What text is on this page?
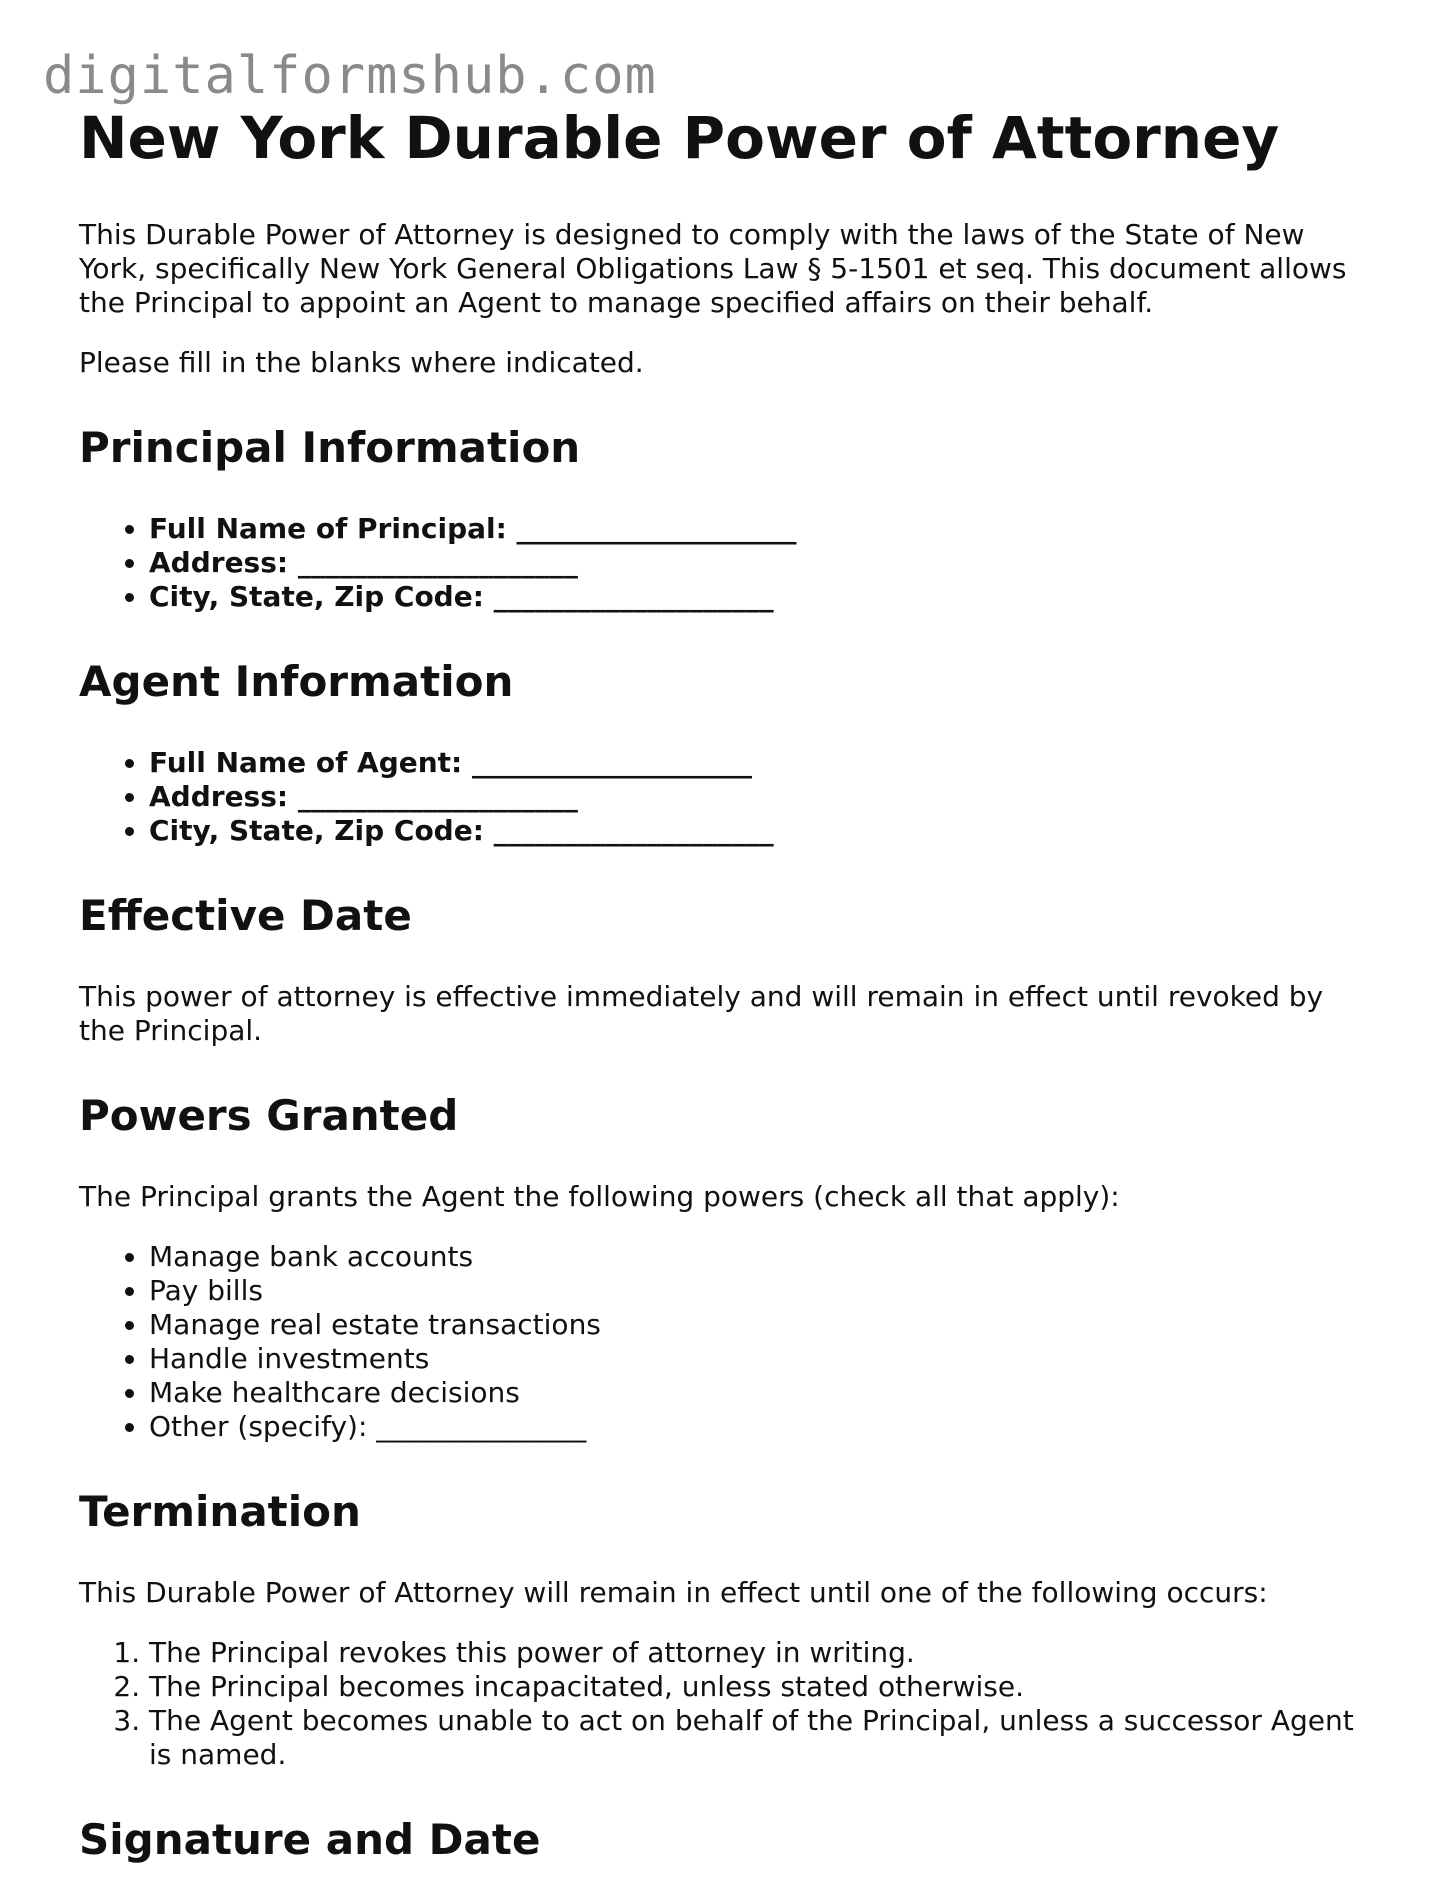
digitalformshub.com
New York Durable Power of Attorney

This Durable Power of Attorney is designed to comply with the laws of the State of New York, specifically New York General Obligations Law § 5-1501 et seq. This document allows the Principal to appoint an Agent to manage specified affairs on their behalf.

Please fill in the blanks where indicated.

Principal Information
• Full Name of Principal: ____________________
• Address: ____________________
• City, State, Zip Code: ____________________
Agent Information
• Full Name of Agent: ____________________
• Address: ____________________
• City, State, Zip Code: ____________________
Effective Date

This power of attorney is effective immediately and will remain in effect until revoked by the Principal.

Powers Granted

The Principal grants the Agent the following powers (check all that apply):

• Manage bank accounts
• Pay bills
• Manage real estate transactions
• Handle investments
• Make healthcare decisions
• Other (specify): _______________
Termination

This Durable Power of Attorney will remain in effect until one of the following occurs:

1. The Principal revokes this power of attorney in writing.
2. The Principal becomes incapacitated, unless stated otherwise.
3. The Agent becomes unable to act on behalf of the Principal, unless a successor Agent is named.
Signature and Date
